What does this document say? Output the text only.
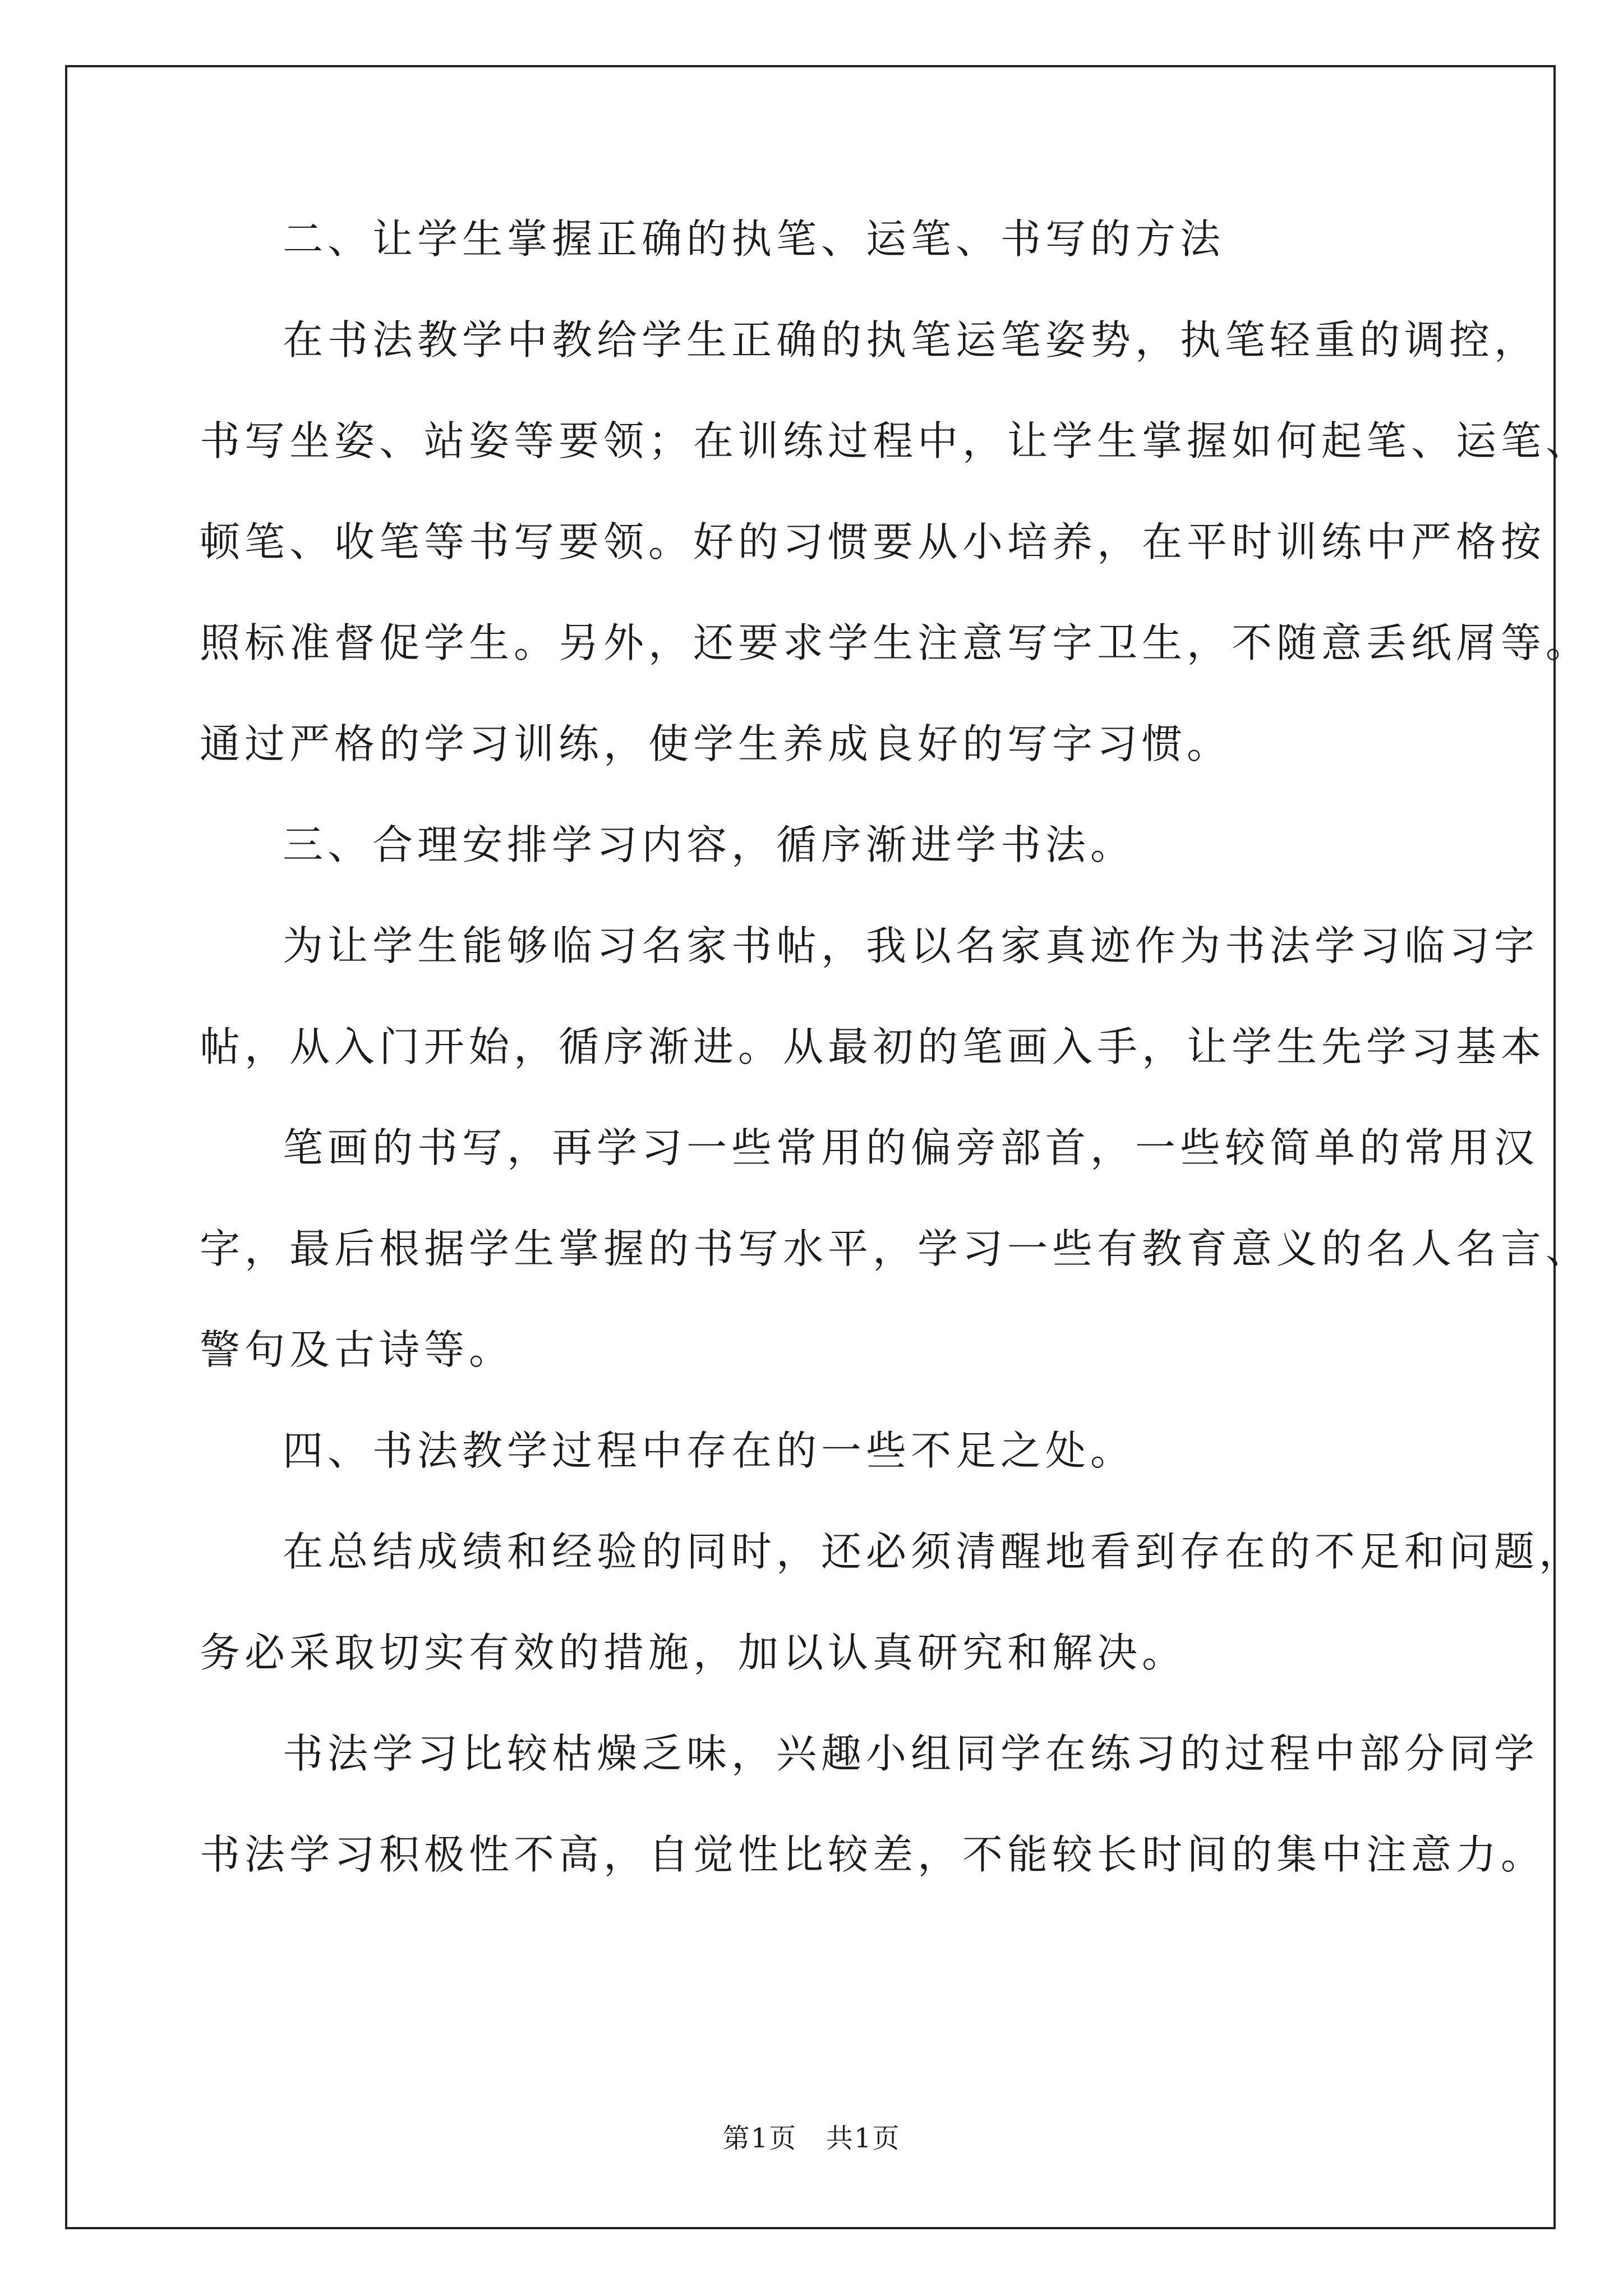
二、让学生掌握正确的执笔、运笔、书写的方法
在书法教学中教给学生正确的执笔运笔姿势，执笔轻重的调控，
书写坐姿、站姿等要领；在训练过程中，让学生掌握如何起笔、运笔、
顿笔、收笔等书写要领。好的习惯要从小培养，在平时训练中严格按
照标准督促学生。另外，还要求学生注意写字卫生，不随意丢纸屑等。
通过严格的学习训练，使学生养成良好的写字习惯。
三、合理安排学习内容，循序渐进学书法。
为让学生能够临习名家书帖，我以名家真迹作为书法学习临习字
帖，从入门开始，循序渐进。从最初的笔画入手，让学生先学习基本
笔画的书写，再学习一些常用的偏旁部首，一些较简单的常用汉
字，最后根据学生掌握的书写水平，学习一些有教育意义的名人名言、
警句及古诗等。
四、书法教学过程中存在的一些不足之处。
在总结成绩和经验的同时，还必须清醒地看到存在的不足和问题，
务必采取切实有效的措施，加以认真研究和解决。
书法学习比较枯燥乏味，兴趣小组同学在练习的过程中部分同学
书法学习积极性不高，自觉性比较差，不能较长时间的集中注意力。
第1页   共1页
